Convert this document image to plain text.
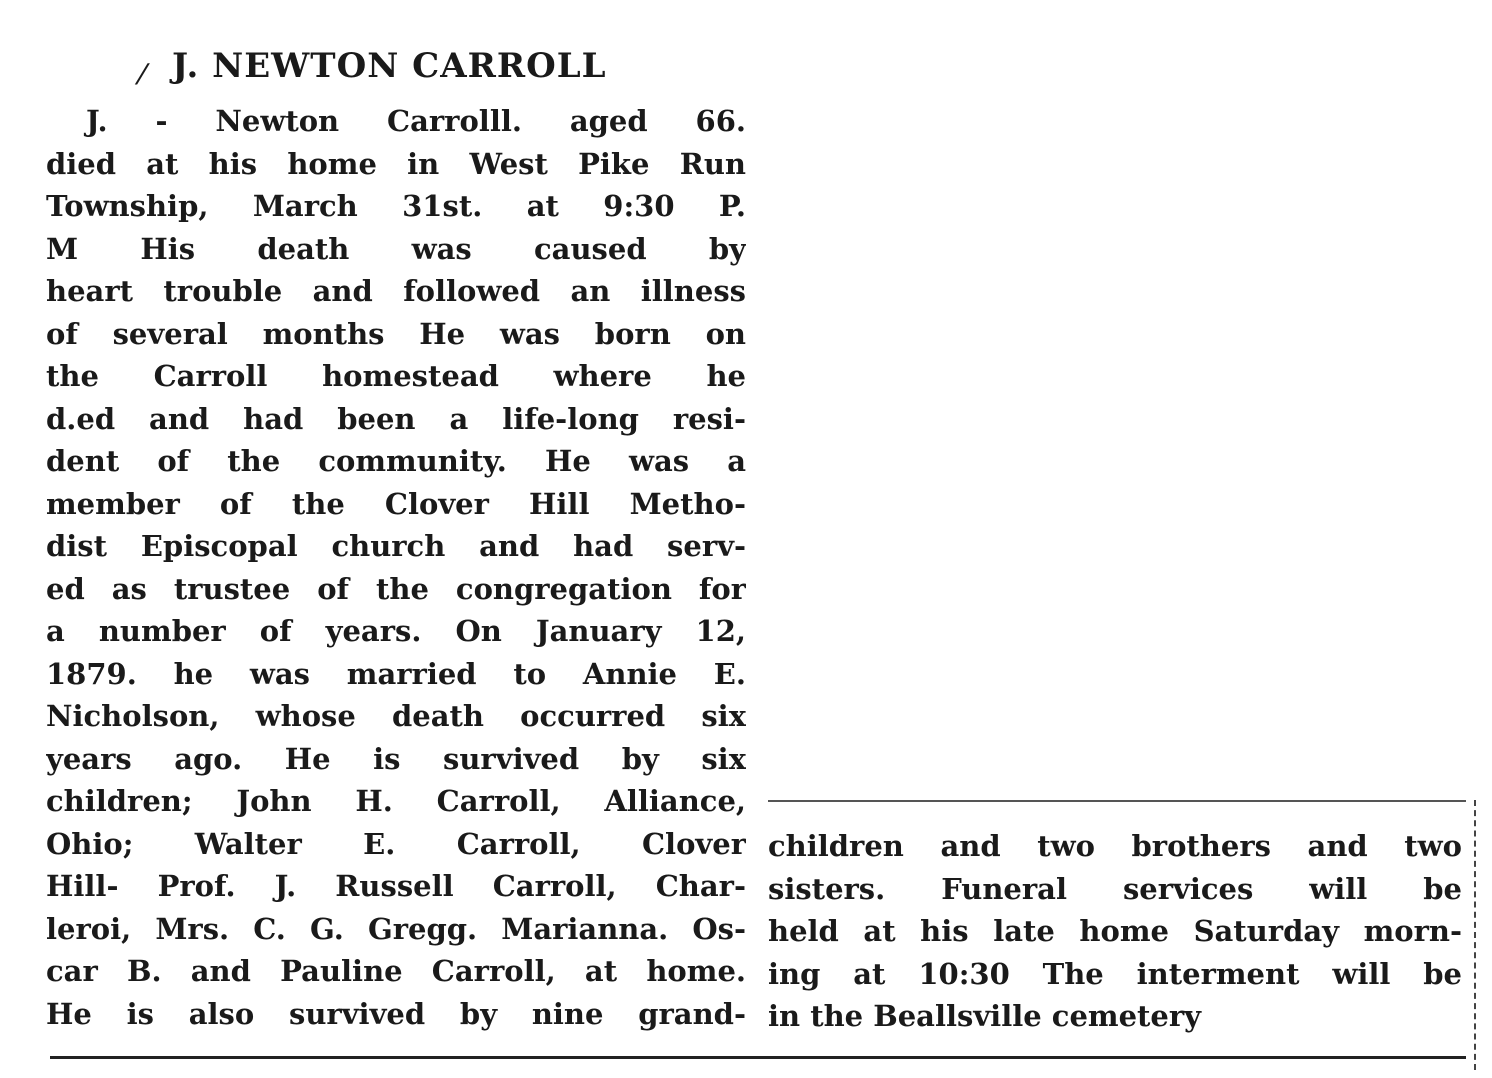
⁄ J. NEWTON CARROLL
J. - Newton Carrolll. aged 66.
died at his home in West Pike Run
Township, March 31st. at 9:30 P.
M His death was caused by
heart trouble and followed an illness
of several months He was born on
the Carroll homestead where he
d.ed and had been a life-long resi-
dent of the community. He was a
member of the Clover Hill Metho-
dist Episcopal church and had serv-
ed as trustee of the congregation for
a number of years. On January 12,
1879. he was married to Annie E.
Nicholson, whose death occurred six
years ago. He is survived by six
children; John H. Carroll, Alliance,
Ohio; Walter E. Carroll, Clover
Hill- Prof. J. Russell Carroll, Char-
leroi, Mrs. C. G. Gregg. Marianna. Os-
car B. and Pauline Carroll, at home.
He is also survived by nine grand-
children and two brothers and two
sisters. Funeral services will be
held at his late home Saturday morn-
ing at 10:30 The interment will be
in the Beallsville cemetery
